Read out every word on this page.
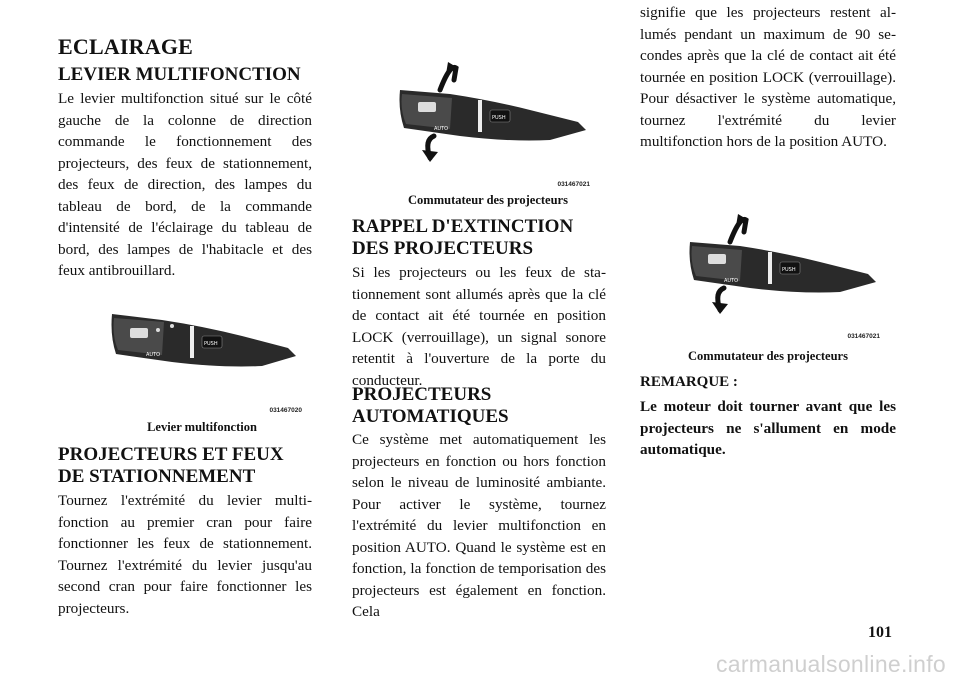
ECLAIRAGE
LEVIER MULTIFONCTION

Le levier multifonction situé sur le côté gauche de la colonne de direction commande le fonctionnement des projecteurs, des feux de stationnement, des feux de direction, des lampes du tableau de bord, de la commande d'intensité de l'éclairage du tableau de bord, des lampes de l'habitacle et des feux antibrouillard.

PUSH
AUTO
031467020
Levier multifonction
PROJECTEURS ET FEUX DE STATIONNEMENT

Tournez l'extrémité du levier multifonction au premier cran pour faire fonctionner les feux de stationnement. Tournez l'extrémité du levier jusqu'au second cran pour faire fonctionner les projecteurs.

PUSH
AUTO
031467021
Commutateur des projecteurs
RAPPEL D'EXTINCTION DES PROJECTEURS

Si les projecteurs ou les feux de stationnement sont allumés après que la clé de contact ait été tournée en position LOCK (verrouillage), un signal sonore retentit à l'ouverture de la porte du conducteur.

PROJECTEURS AUTOMATIQUES

Ce système met automatiquement les projecteurs en fonction ou hors fonction selon le niveau de luminosité ambiante. Pour activer le système, tournez l'extrémité du levier multifonction en position AUTO. Quand le système est en fonction, la fonction de temporisation des projecteurs est également en fonction. Cela

signifie que les projecteurs restent allumés pendant un maximum de 90 secondes après que la clé de contact ait été tournée en position LOCK (verrouillage). Pour désactiver le système automatique, tournez l'extrémité du levier multifonction hors de la position AUTO.

PUSH
AUTO
031467021
Commutateur des projecteurs
REMARQUE :

Le moteur doit tourner avant que les projecteurs ne s'allument en mode automatique.

101
carmanualsonline.info
